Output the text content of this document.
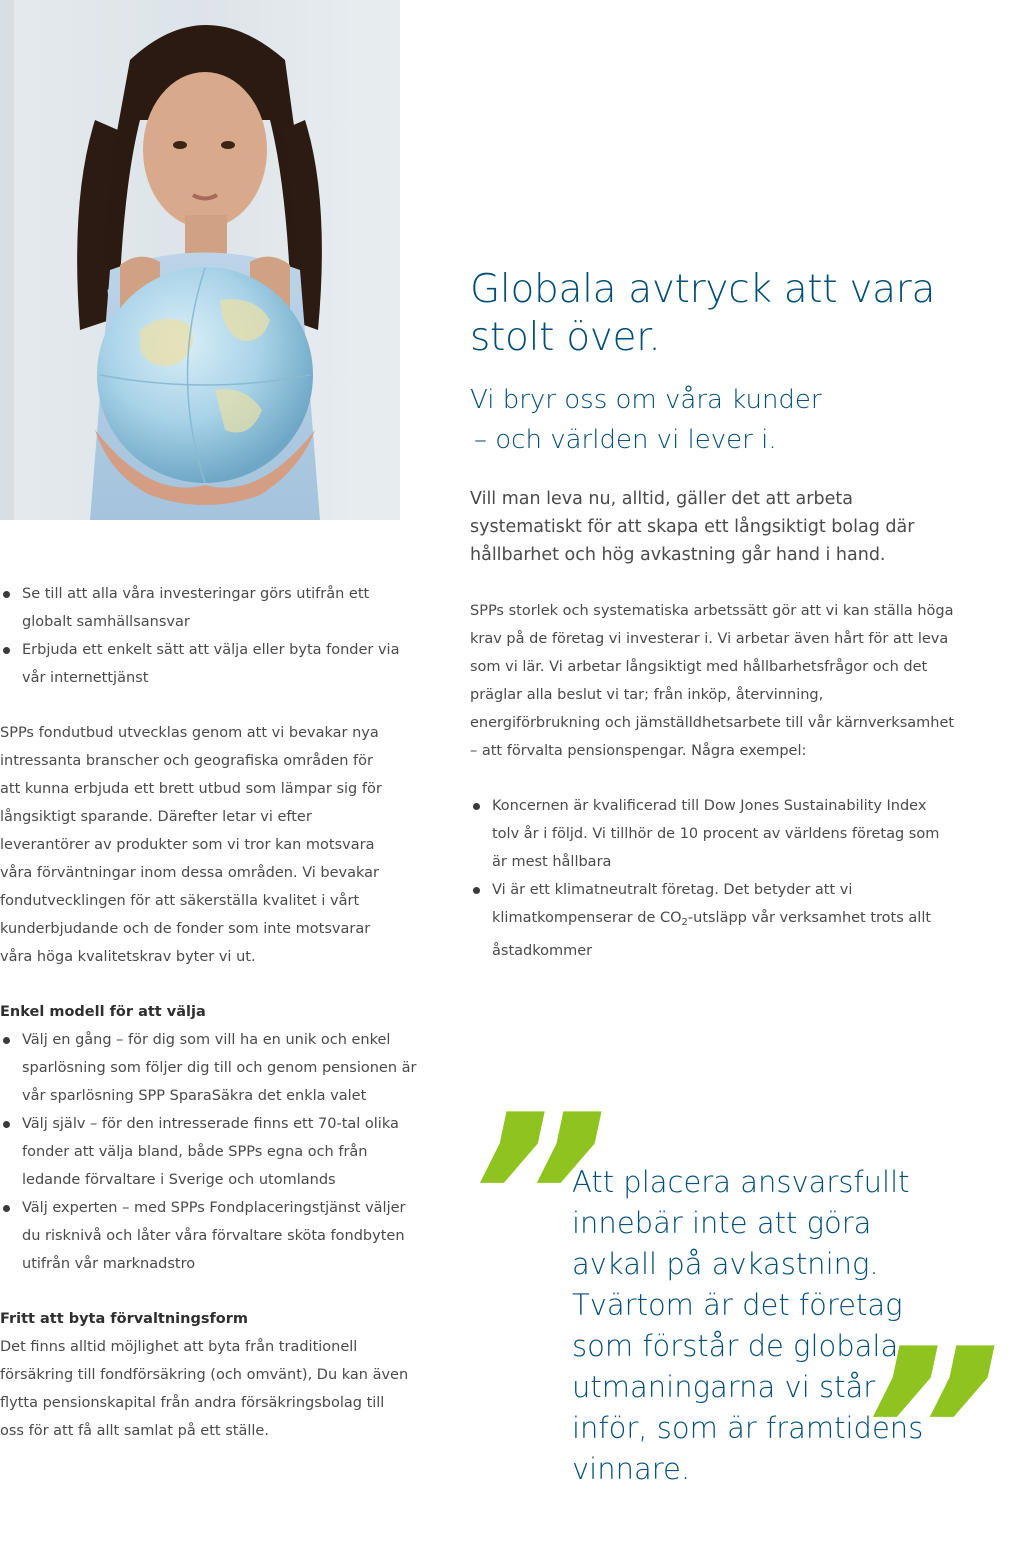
Globala avtryck att vara stolt över.
Vi bryr oss om våra kunder
– och världen vi lever i.
Vill man leva nu, alltid, gäller det att arbeta systematiskt för att skapa ett långsiktigt bolag där hållbarhet och hög avkastning går hand i hand.
Se till att alla våra investeringar görs utifrån ett globalt samhällsansvar
Erbjuda ett enkelt sätt att välja eller byta fonder via vår internettjänst
SPPs fondutbud utvecklas genom att vi bevakar nya intressanta branscher och geografiska områden för att kunna erbjuda ett brett utbud som lämpar sig för långsiktigt sparande. Därefter letar vi efter leverantörer av produkter som vi tror kan motsvara våra förväntningar inom dessa områden. Vi bevakar fondutvecklingen för att säkerställa kvalitet i vårt kunderbjudande och de fonder som inte motsvarar våra höga kvalitetskrav byter vi ut.
SPPs storlek och systematiska arbetssätt gör att vi kan ställa höga krav på de företag vi investerar i. Vi arbetar även hårt för att leva som vi lär. Vi arbetar långsiktigt med hållbarhetsfrågor och det präglar alla beslut vi tar; från inköp, återvinning, energiförbrukning och jämställdhetsarbete till vår kärnverksamhet – att förvalta pensionspengar. Några exempel:
Koncernen är kvalificerad till Dow Jones Sustainability Index tolv år i följd. Vi tillhör de 10 procent av världens företag som är mest hållbara
Vi är ett klimatneutralt företag. Det betyder att vi klimatkompenserar de $CO_2$-utsläpp vår verksamhet trots allt åstadkommer
Enkel modell för att välja
Välj en gång – för dig som vill ha en unik och enkel sparlösning som följer dig till och genom pensionen är vår sparlösning SPP SparaSäkra det enkla valet
Välj själv – för den intresserade finns ett 70-tal olika fonder att välja bland, både SPPs egna och från ledande förvaltare i Sverige och utomlands
Välj experten – med SPPs Fondplaceringstjänst väljer du risknivå och låter våra förvaltare sköta fondbyten utifrån vår marknadstro
Fritt att byta förvaltningsform
Det finns alltid möjlighet att byta från traditionell försäkring till fondförsäkring (och omvänt), Du kan även flytta pensionskapital från andra försäkringsbolag till oss för att få allt samlat på ett ställe.
”
Att placera ansvarsfullt innebär inte att göra avkall på avkastning. Tvärtom är det företag som förstår de globala utmaningarna vi står inför, som är framtidens vinnare. ”
